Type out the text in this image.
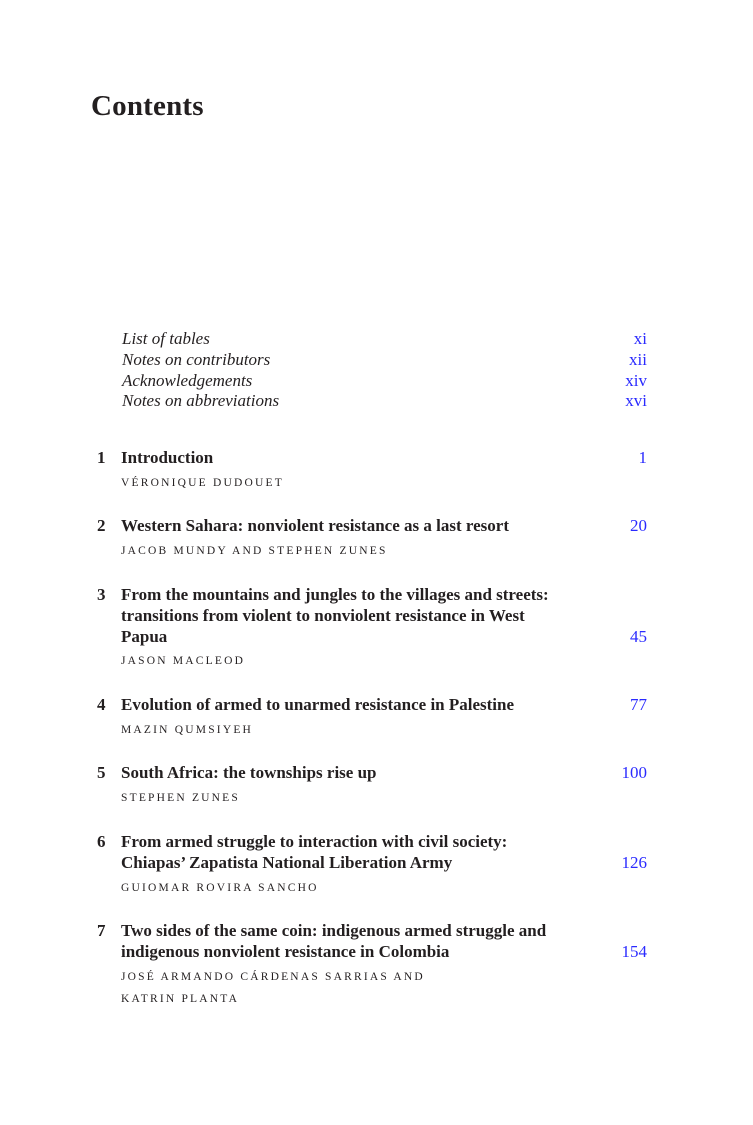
Contents
List of tables	xi
Notes on contributors	xii
Acknowledgements	xiv
Notes on abbreviations	xvi
1 Introduction	1
VÉRONIQUE DUDOUET
2 Western Sahara: nonviolent resistance as a last resort	20
JACOB MUNDY AND STEPHEN ZUNES
3 From the mountains and jungles to the villages and streets:
transitions from violent to nonviolent resistance in West
Papua	45
JASON MACLEOD
4 Evolution of armed to unarmed resistance in Palestine	77
MAZIN QUMSIYEH
5 South Africa: the townships rise up	100
STEPHEN ZUNES
6 From armed struggle to interaction with civil society:
Chiapas’ Zapatista National Liberation Army	126
GUIOMAR ROVIRA SANCHO
7 Two sides of the same coin: indigenous armed struggle and
indigenous nonviolent resistance in Colombia	154
JOSÉ ARMANDO CÁRDENAS SARRIAS AND
KATRIN PLANTA
